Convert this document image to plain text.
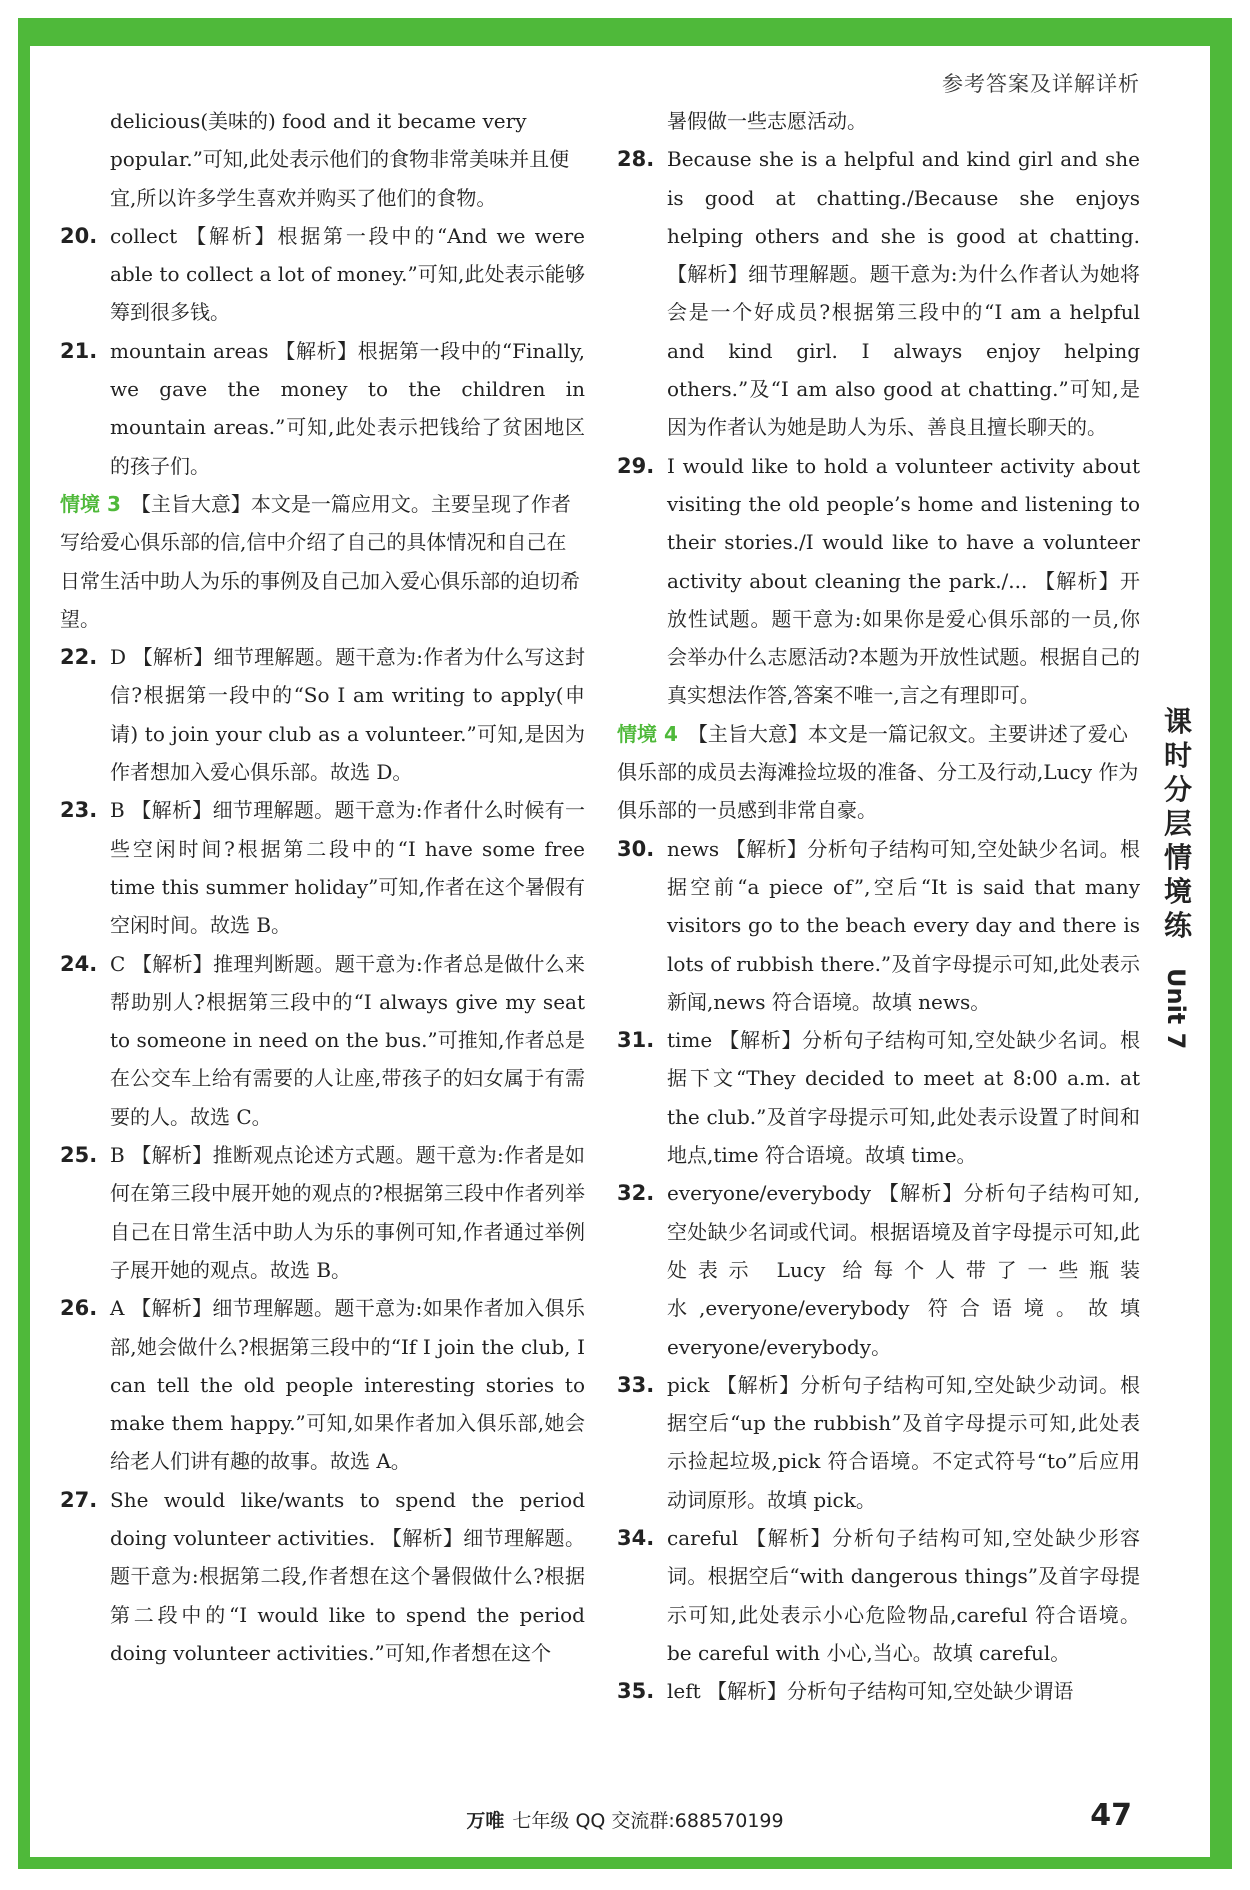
参考答案及详解详析
delicious(美味的) food and it became very popular.”可知,此处表示他们的食物非常美味并且便宜,所以许多学生喜欢并购买了他们的食物。
20. collect 【解析】根据第一段中的“And we were able to collect a lot of money.”可知,此处表示能够筹到很多钱。
21. mountain areas 【解析】根据第一段中的“Finally, we gave the money to the children in mountain areas.”可知,此处表示把钱给了贫困地区的孩子们。
情境 3 【主旨大意】本文是一篇应用文。主要呈现了作者写给爱心俱乐部的信,信中介绍了自己的具体情况和自己在日常生活中助人为乐的事例及自己加入爱心俱乐部的迫切希望。
22. D 【解析】细节理解题。题干意为:作者为什么写这封信?根据第一段中的“So I am writing to apply(申请) to join your club as a volunteer.”可知,是因为作者想加入爱心俱乐部。故选 D。
23. B 【解析】细节理解题。题干意为:作者什么时候有一些空闲时间?根据第二段中的“I have some free time this summer holiday”可知,作者在这个暑假有空闲时间。故选 B。
24. C 【解析】推理判断题。题干意为:作者总是做什么来帮助别人?根据第三段中的“I always give my seat to someone in need on the bus.”可推知,作者总是在公交车上给有需要的人让座,带孩子的妇女属于有需要的人。故选 C。
25. B 【解析】推断观点论述方式题。题干意为:作者是如何在第三段中展开她的观点的?根据第三段中作者列举自己在日常生活中助人为乐的事例可知,作者通过举例子展开她的观点。故选 B。
26. A 【解析】细节理解题。题干意为:如果作者加入俱乐部,她会做什么?根据第三段中的“If I join the club, I can tell the old people interesting stories to make them happy.”可知,如果作者加入俱乐部,她会给老人们讲有趣的故事。故选 A。
27. She would like/wants to spend the period doing volunteer activities. 【解析】细节理解题。题干意为:根据第二段,作者想在这个暑假做什么?根据第二段中的“I would like to spend the period doing volunteer activities.”可知,作者想在这个
暑假做一些志愿活动。
28. Because she is a helpful and kind girl and she is good at chatting./Because she enjoys helping others and she is good at chatting. 【解析】细节理解题。题干意为:为什么作者认为她将会是一个好成员?根据第三段中的“I am a helpful and kind girl. I always enjoy helping others.”及“I am also good at chatting.”可知,是因为作者认为她是助人为乐、善良且擅长聊天的。
29. I would like to hold a volunteer activity about visiting the old people’s home and listening to their stories./I would like to have a volunteer activity about cleaning the park./... 【解析】开放性试题。题干意为:如果你是爱心俱乐部的一员,你会举办什么志愿活动?本题为开放性试题。根据自己的真实想法作答,答案不唯一,言之有理即可。
情境 4 【主旨大意】本文是一篇记叙文。主要讲述了爱心俱乐部的成员去海滩捡垃圾的准备、分工及行动,Lucy 作为俱乐部的一员感到非常自豪。
30. news 【解析】分析句子结构可知,空处缺少名词。根据空前“a piece of”,空后“It is said that many visitors go to the beach every day and there is lots of rubbish there.”及首字母提示可知,此处表示新闻,news 符合语境。故填 news。
31. time 【解析】分析句子结构可知,空处缺少名词。根据下文“They decided to meet at 8:00 a.m. at the club.”及首字母提示可知,此处表示设置了时间和地点,time 符合语境。故填 time。
32. everyone/everybody 【解析】分析句子结构可知,空处缺少名词或代词。根据语境及首字母提示可知,此处表示 Lucy 给每个人带了一些瓶装水,everyone/everybody 符合语境。故填 everyone/everybody。
33. pick 【解析】分析句子结构可知,空处缺少动词。根据空后“up the rubbish”及首字母提示可知,此处表示捡起垃圾,pick 符合语境。不定式符号“to”后应用动词原形。故填 pick。
34. careful 【解析】分析句子结构可知,空处缺少形容词。根据空后“with dangerous things”及首字母提示可知,此处表示小心危险物品,careful 符合语境。be careful with 小心,当心。故填 careful。
35. left 【解析】分析句子结构可知,空处缺少谓语
课时分层情境练
Unit 7
万唯 七年级 QQ 交流群:688570199	47
